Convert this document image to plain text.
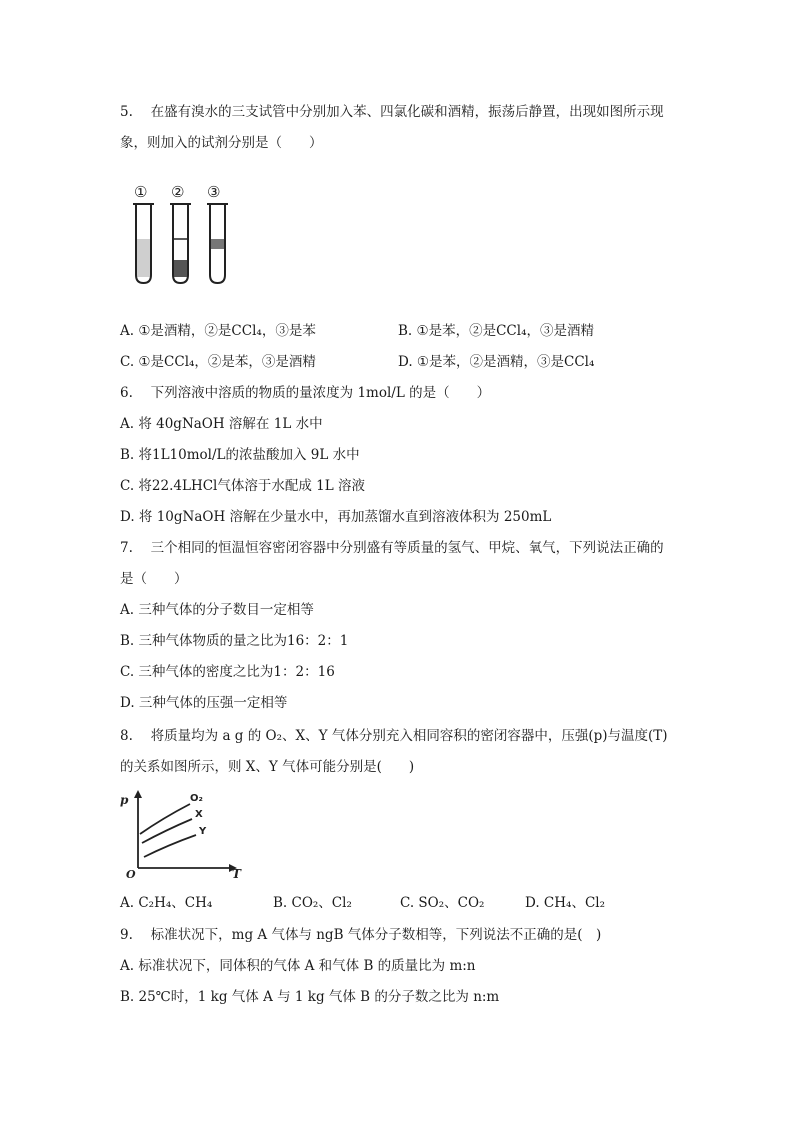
5.　 在盛有溴水的三支试管中分别加入苯、四氯化碳和酒精，振荡后静置，出现如图所示现
象，则加入的试剂分别是（　　）
① ② ③
A. ①是酒精，②是CCl₄，③是苯	B. ①是苯，②是CCl₄，③是酒精
C. ①是CCl₄，②是苯，③是酒精	D. ①是苯，②是酒精，③是CCl₄
6.　 下列溶液中溶质的物质的量浓度为 1mol/L 的是（　　）
A. 将 40gNaOH 溶解在 1L 水中
B. 将1L10mol/L的浓盐酸加入 9L 水中
C. 将22.4LHCl气体溶于水配成 1L 溶液
D. 将 10gNaOH 溶解在少量水中，再加蒸馏水直到溶液体积为 250mL
7.　 三个相同的恒温恒容密闭容器中分别盛有等质量的氢气、甲烷、氧气，下列说法正确的
是（　　）
A. 三种气体的分子数目一定相等
B. 三种气体物质的量之比为16：2：1
C. 三种气体的密度之比为1：2：16
D. 三种气体的压强一定相等
8.　 将质量均为 a g 的 O₂、X、Y 气体分别充入相同容积的密闭容器中，压强(p)与温度(T)
的关系如图所示，则 X、Y 气体可能分别是(　　)
p
T
O
O₂
X
Y
A. C₂H₄、CH₄	B. CO₂、Cl₂	C. SO₂、CO₂	D. CH₄、Cl₂
9.　 标准状况下，mg A 气体与 ngB 气体分子数相等，下列说法不正确的是(　)
A. 标准状况下，同体积的气体 A 和气体 B 的质量比为 m:n
B. 25℃时，1 kg 气体 A 与 1 kg 气体 B 的分子数之比为 n:m
